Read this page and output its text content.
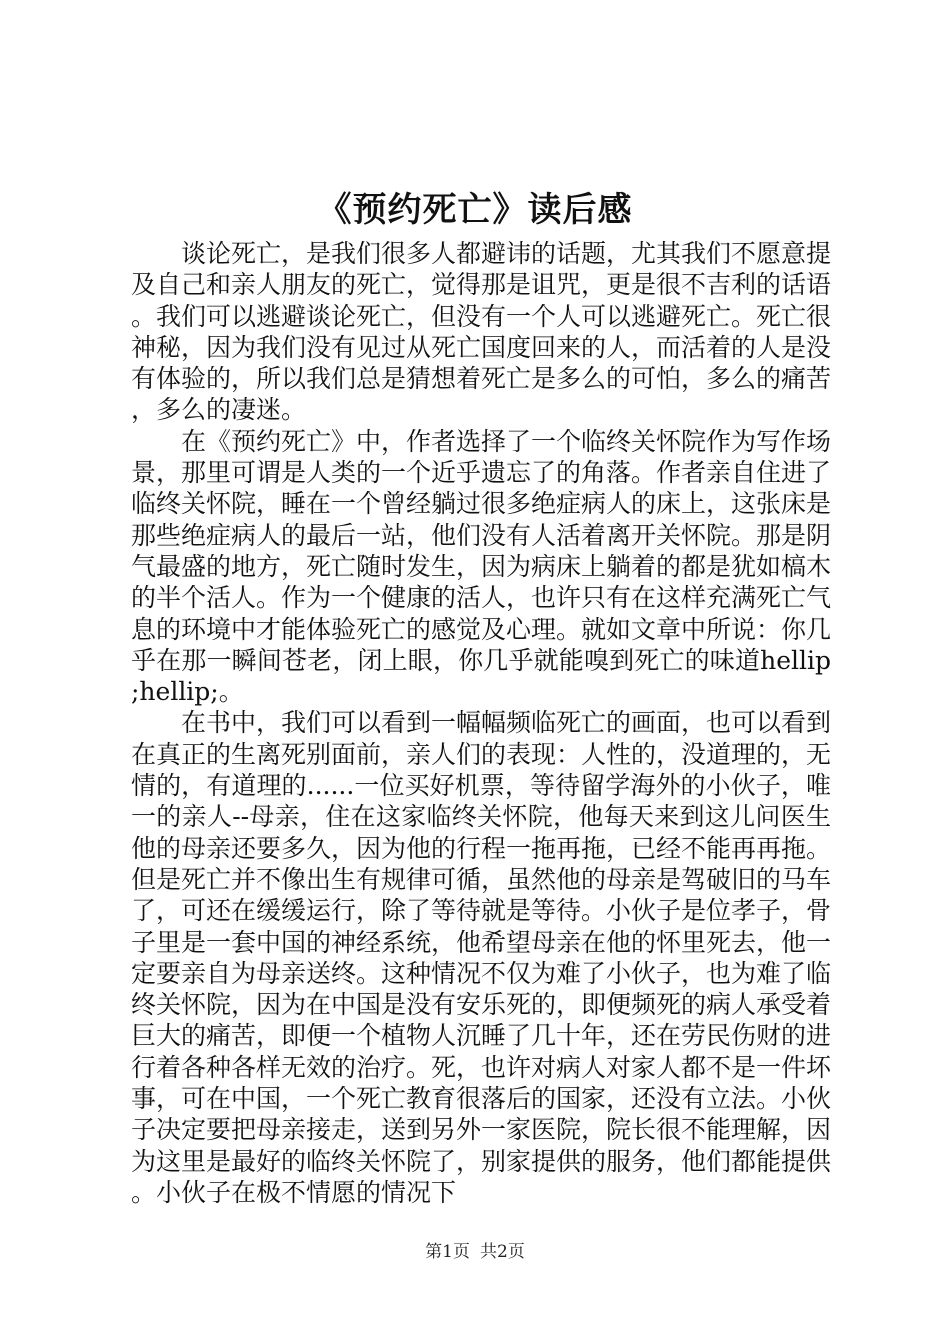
《预约死亡》读后感

谈论死亡，是我们很多人都避讳的话题，尤其我们不愿意提及自己和亲人朋友的死亡，觉得那是诅咒，更是很不吉利的话语。我们可以逃避谈论死亡，但没有一个人可以逃避死亡。死亡很神秘，因为我们没有见过从死亡国度回来的人，而活着的人是没有体验的，所以我们总是猜想着死亡是多么的可怕，多么的痛苦，多么的凄迷。

在《预约死亡》中，作者选择了一个临终关怀院作为写作场景，那里可谓是人类的一个近乎遗忘了的角落。作者亲自住进了临终关怀院，睡在一个曾经躺过很多绝症病人的床上，这张床是那些绝症病人的最后一站，他们没有人活着离开关怀院。那是阴气最盛的地方，死亡随时发生，因为病床上躺着的都是犹如槁木的半个活人。作为一个健康的活人，也许只有在这样充满死亡气息的环境中才能体验死亡的感觉及心理。就如文章中所说：你几乎在那一瞬间苍老，闭上眼，你几乎就能嗅到死亡的味道hellip;hellip;。

在书中，我们可以看到一幅幅频临死亡的画面，也可以看到在真正的生离死别面前，亲人们的表现：人性的，没道理的，无情的，有道理的......一位买好机票，等待留学海外的小伙子，唯一的亲人--母亲，住在这家临终关怀院，他每天来到这儿问医生他的母亲还要多久，因为他的行程一拖再拖，已经不能再再拖。但是死亡并不像出生有规律可循，虽然他的母亲是驾破旧的马车了，可还在缓缓运行，除了等待就是等待。小伙子是位孝子，骨子里是一套中国的神经系统，他希望母亲在他的怀里死去，他一定要亲自为母亲送终。这种情况不仅为难了小伙子，也为难了临终关怀院，因为在中国是没有安乐死的，即便频死的病人承受着巨大的痛苦，即便一个植物人沉睡了几十年，还在劳民伤财的进行着各种各样无效的治疗。死，也许对病人对家人都不是一件坏事，可在中国，一个死亡教育很落后的国家，还没有立法。小伙子决定要把母亲接走，送到另外一家医院，院长很不能理解，因为这里是最好的临终关怀院了，别家提供的服务，他们都能提供。小伙子在极不情愿的情况下

第1页 共2页
